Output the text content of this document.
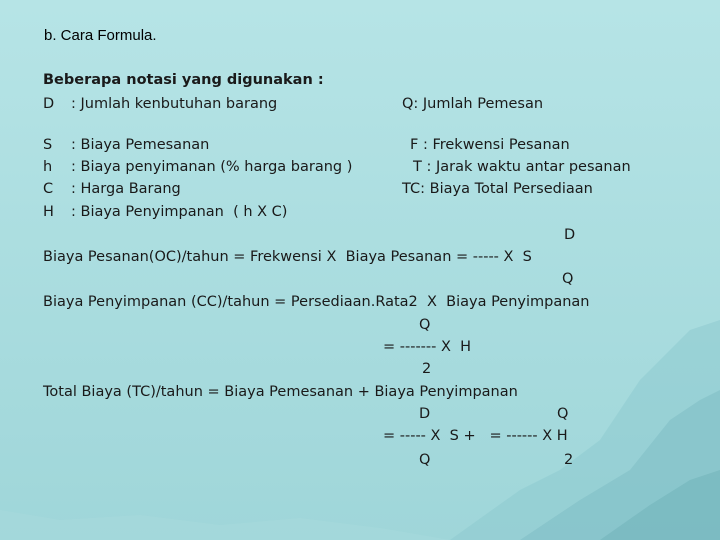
b. Cara Formula.
Beberapa notasi yang digunakan :
D : Jumlah kenbutuhan barang
S : Biaya Pemesanan
h : Biaya penyimanan (% harga barang )
C : Harga Barang
H : Biaya Penyimpanan  ( h X C)
Q: Jumlah Pemesan
F : Frekwensi Pesanan
T : Jarak waktu antar pesanan
TC: Biaya Total Persediaan
D
Biaya Pesanan(OC)/tahun = Frekwensi X  Biaya Pesanan = ----- X  S
Q
Biaya Penyimpanan (CC)/tahun = Persediaan.Rata2  X  Biaya Penyimpanan
Q
= ------- X  H
2
Total Biaya (TC)/tahun = Biaya Pemesanan + Biaya Penyimpanan
D	Q
= ----- X  S +   = ------ X H
Q	2
